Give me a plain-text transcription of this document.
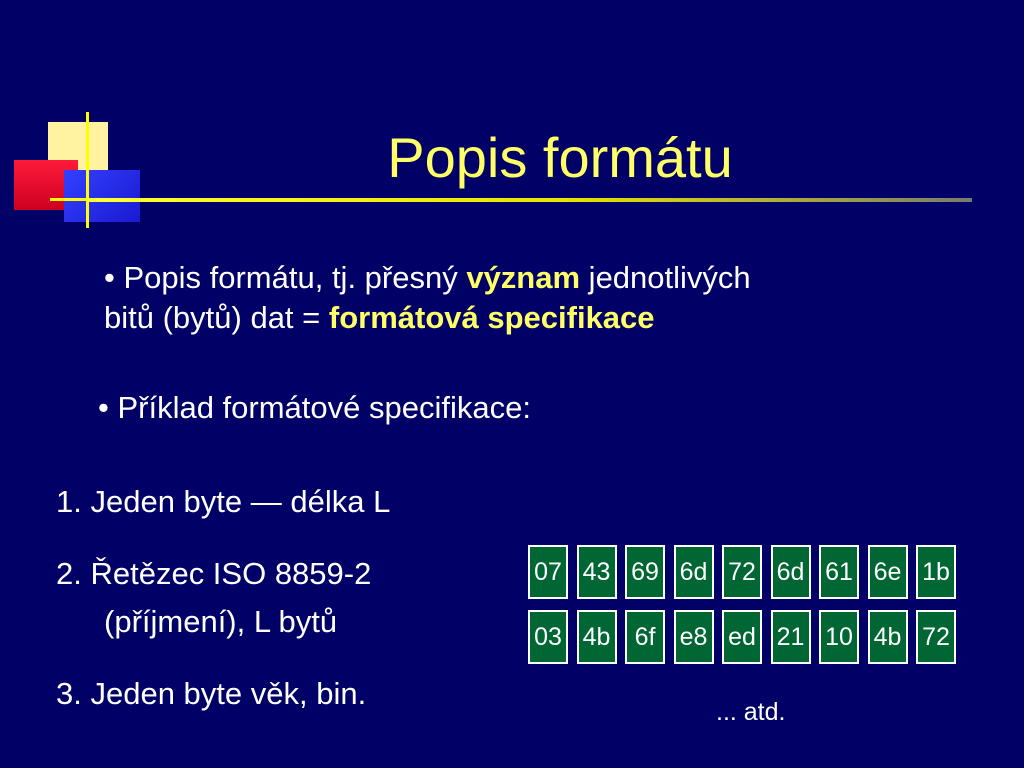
Popis formátu
• Popis formátu, tj. přesný význam jednotlivých
bitů (bytů) dat = formátová specifikace
• Příklad formátové specifikace:
1. Jeden byte — délka L
2. Řetězec ISO 8859-2
(příjmení), L bytů
3. Jeden byte věk, bin.
07 43 69 6d 72 6d 61 6e 1b
03 4b 6f e8 ed 21 10 4b 72
... atd.
